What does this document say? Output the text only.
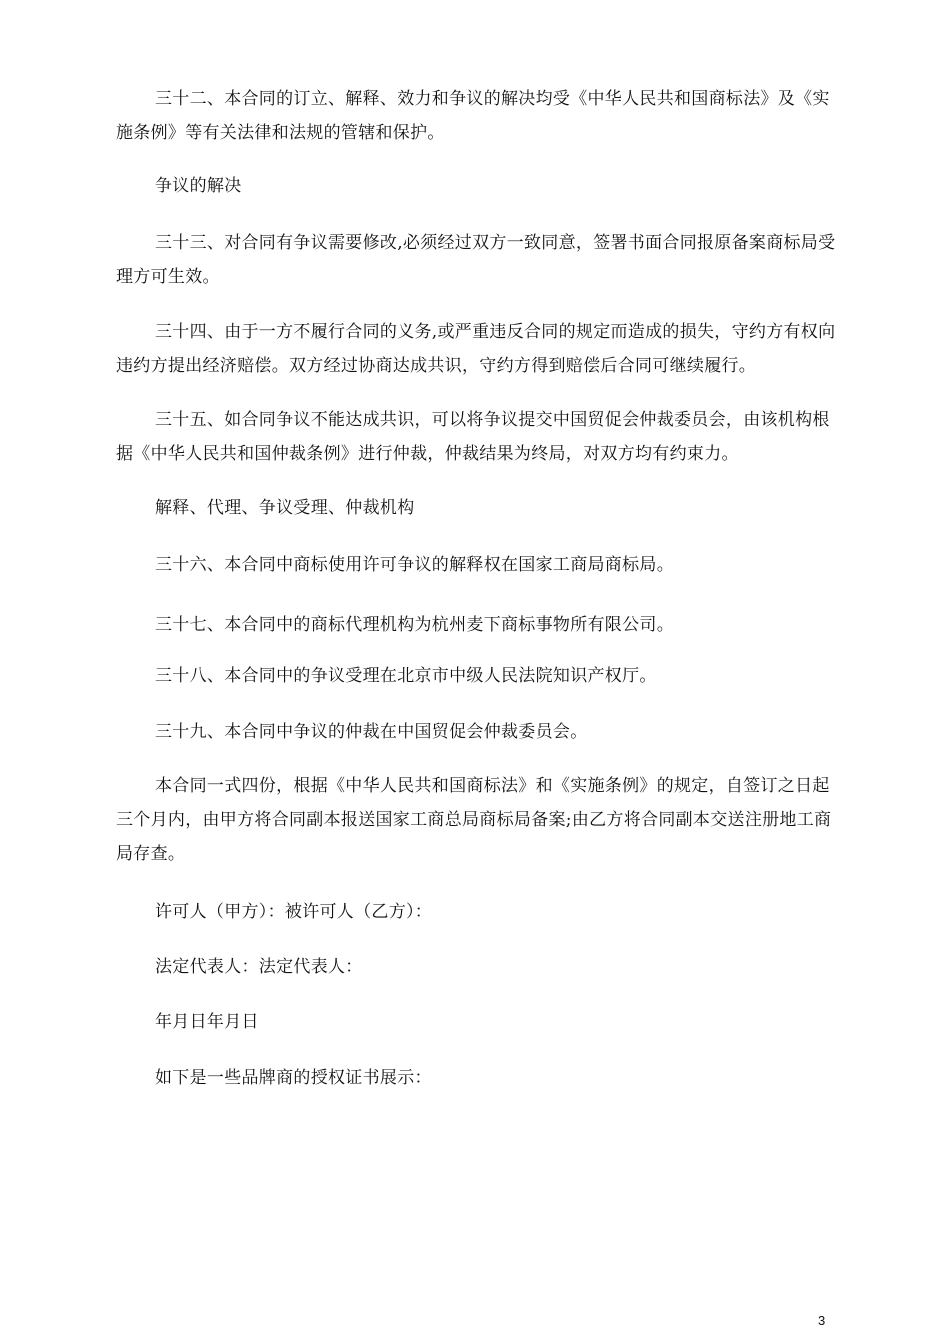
三十二、本合同的订立、解释、效力和争议的解决均受《中华人民共和国商标法》及《实施条例》等有关法律和法规的管辖和保护。

争议的解决

三十三、对合同有争议需要修改,必须经过双方一致同意，签署书面合同报原备案商标局受理方可生效。

三十四、由于一方不履行合同的义务,或严重违反合同的规定而造成的损失，守约方有权向违约方提出经济赔偿。双方经过协商达成共识，守约方得到赔偿后合同可继续履行。

三十五、如合同争议不能达成共识，可以将争议提交中国贸促会仲裁委员会，由该机构根据《中华人民共和国仲裁条例》进行仲裁，仲裁结果为终局，对双方均有约束力。

解释、代理、争议受理、仲裁机构

三十六、本合同中商标使用许可争议的解释权在国家工商局商标局。

三十七、本合同中的商标代理机构为杭州麦下商标事物所有限公司。

三十八、本合同中的争议受理在北京市中级人民法院知识产权厅。

三十九、本合同中争议的仲裁在中国贸促会仲裁委员会。

本合同一式四份，根据《中华人民共和国商标法》和《实施条例》的规定，自签订之日起三个月内，由甲方将合同副本报送国家工商总局商标局备案;由乙方将合同副本交送注册地工商局存查。

许可人（甲方）：被许可人（乙方）：

法定代表人：法定代表人：

年月日年月日

如下是一些品牌商的授权证书展示：

3
